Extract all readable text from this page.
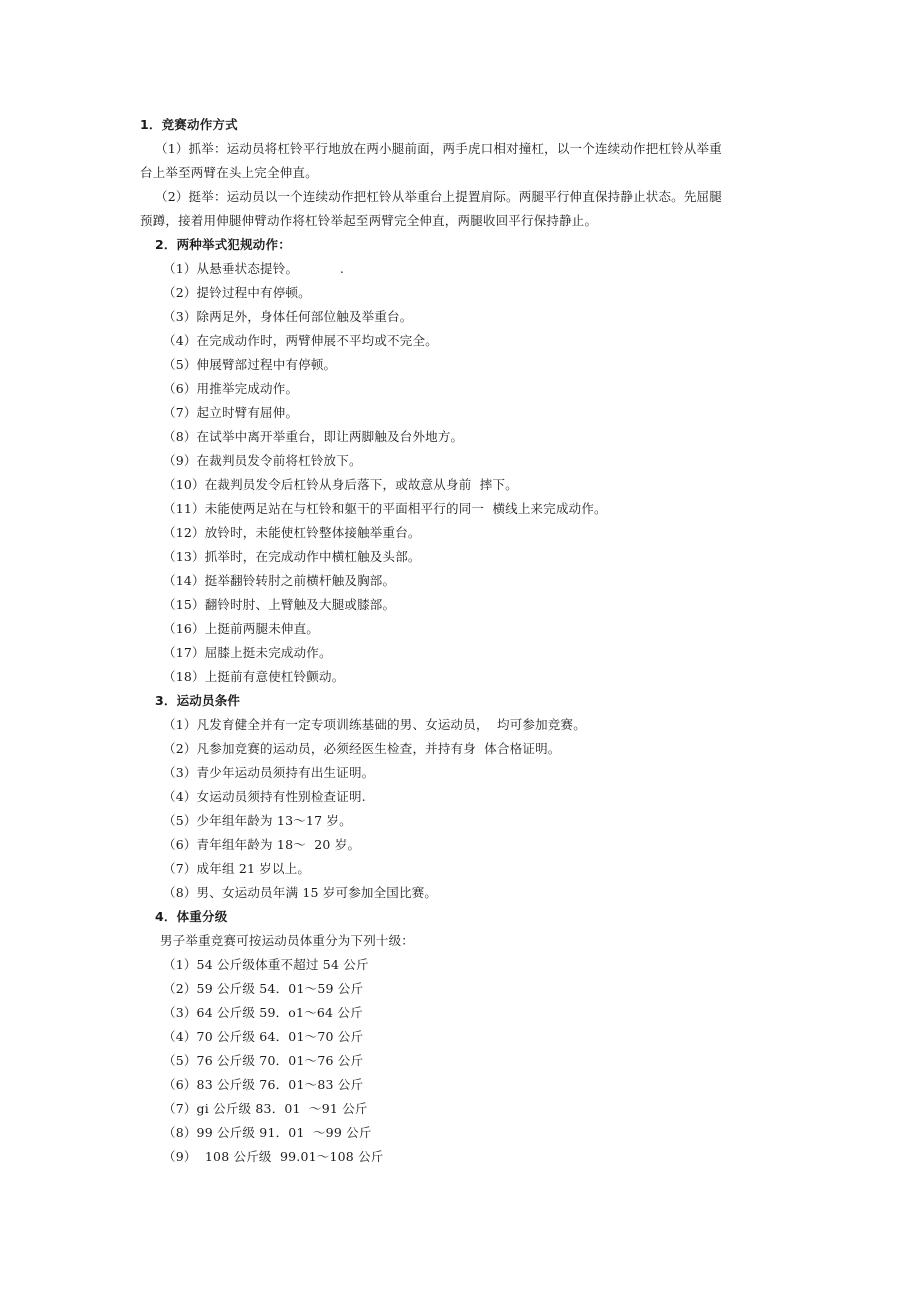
1．竞赛动作方式
（1）抓举：运动员将杠铃平行地放在两小腿前面，两手虎口相对撞杠，以一个连续动作把杠铃从举重
台上举至两臂在头上完全伸直。
（2）挺举：运动员以一个连续动作把杠铃从举重台上提置肩际。两腿平行伸直保持静止状态。先屈腿
预蹲，接着用伸腿伸臂动作将杠铃举起至两臂完全伸直，两腿收回平行保持静止。
2．两种举式犯规动作：
（1）从悬垂状态提铃。          .
（2）提铃过程中有停顿。
（3）除两足外，身体任何部位触及举重台。
（4）在完成动作时，两臂伸展不平均或不完全。
（5）伸展臂部过程中有停顿。
（6）用推举完成动作。
（7）起立时臂有屈伸。
（8）在试举中离开举重台，即让两脚触及台外地方。
（9）在裁判员发令前将杠铃放下。
（10）在裁判员发令后杠铃从身后落下，或故意从身前  摔下。
（11）未能使两足站在与杠铃和躯干的平面相平行的同一  横线上来完成动作。
（12）放铃时，未能使杠铃整体接触举重台。
（13）抓举时，在完成动作中横杠触及头部。
（14）挺举翻铃转肘之前横杆触及胸部。
（15）翻铃时肘、上臂触及大腿或膝部。
（16）上挺前两腿未伸直。
（17）屈膝上挺未完成动作。
（18）上挺前有意使杠铃颤动。
3．运动员条件
（1）凡发育健全并有一定专项训练基础的男、女运动员，  均可参加竞赛。
（2）凡参加竞赛的运动员，必须经医生检查，并持有身  体合格证明。
（3）青少年运动员须持有出生证明。
（4）女运动员须持有性别检查证明.
（5）少年组年龄为 13～17 岁。
（6）青年组年龄为 18～  20 岁。
（7）成年组 21 岁以上。
（8）男、女运动员年满 15 岁可参加全国比赛。
4．体重分级
男子举重竞赛可按运动员体重分为下列十级：
（1）54 公斤级体重不超过 54 公斤
（2）59 公斤级 54．01～59 公斤
（3）64 公斤级 59．o1～64 公斤
（4）70 公斤级 64．01～70 公斤
（5）76 公斤级 70．01～76 公斤
（6）83 公斤级 76．01～83 公斤
（7）gi 公斤级 83．01  ～91 公斤
（8）99 公斤级 91．01  ～99 公斤
（9）  108 公斤级  99.01～108 公斤
